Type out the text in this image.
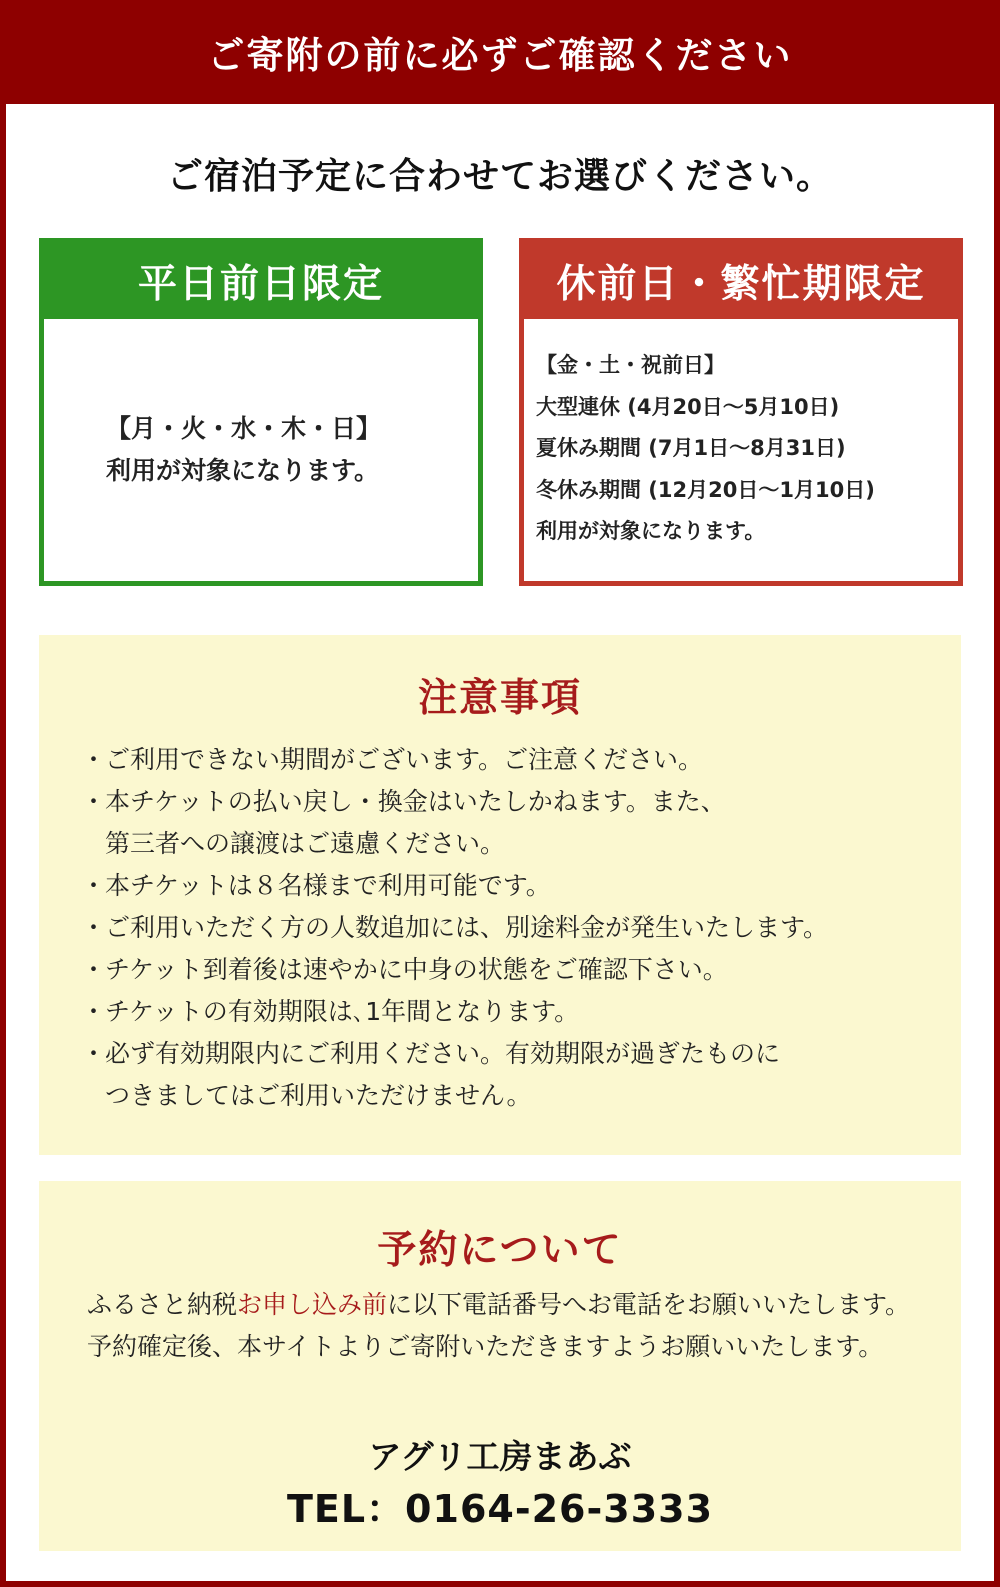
ご寄附の前に必ずご確認ください
ご宿泊予定に合わせてお選びください。
平日前日限定
【月・火・水・木・日】
利用が対象になります。
休前日・繁忙期限定
【金・土・祝前日】
大型連休 (4月20日～5月10日)
夏休み期間 (7月1日～8月31日)
冬休み期間 (12月20日～1月10日)
利用が対象になります。
注意事項
・
ご利用できない期間がございます。ご注意ください。
・
本チケットの払い戻し・換金はいたしかねます。また、
第三者への譲渡はご遠慮ください。
・
本チケットは８名様まで利用可能です。
・
ご利用いただく方の人数追加には、別途料金が発生いたします。
・
チケット到着後は速やかに中身の状態をご確認下さい。
・
チケットの有効期限は､1年間となります。
・
必ず有効期限内にご利用ください。有効期限が過ぎたものに
つきましてはご利用いただけません。
予約について
ふるさと納税お申し込み前に以下電話番号へお電話をお願いいたします。予約確定後、本サイトよりご寄附いただきますようお願いいたします。
アグリ工房まあぶ
TEL：0164-26-3333
